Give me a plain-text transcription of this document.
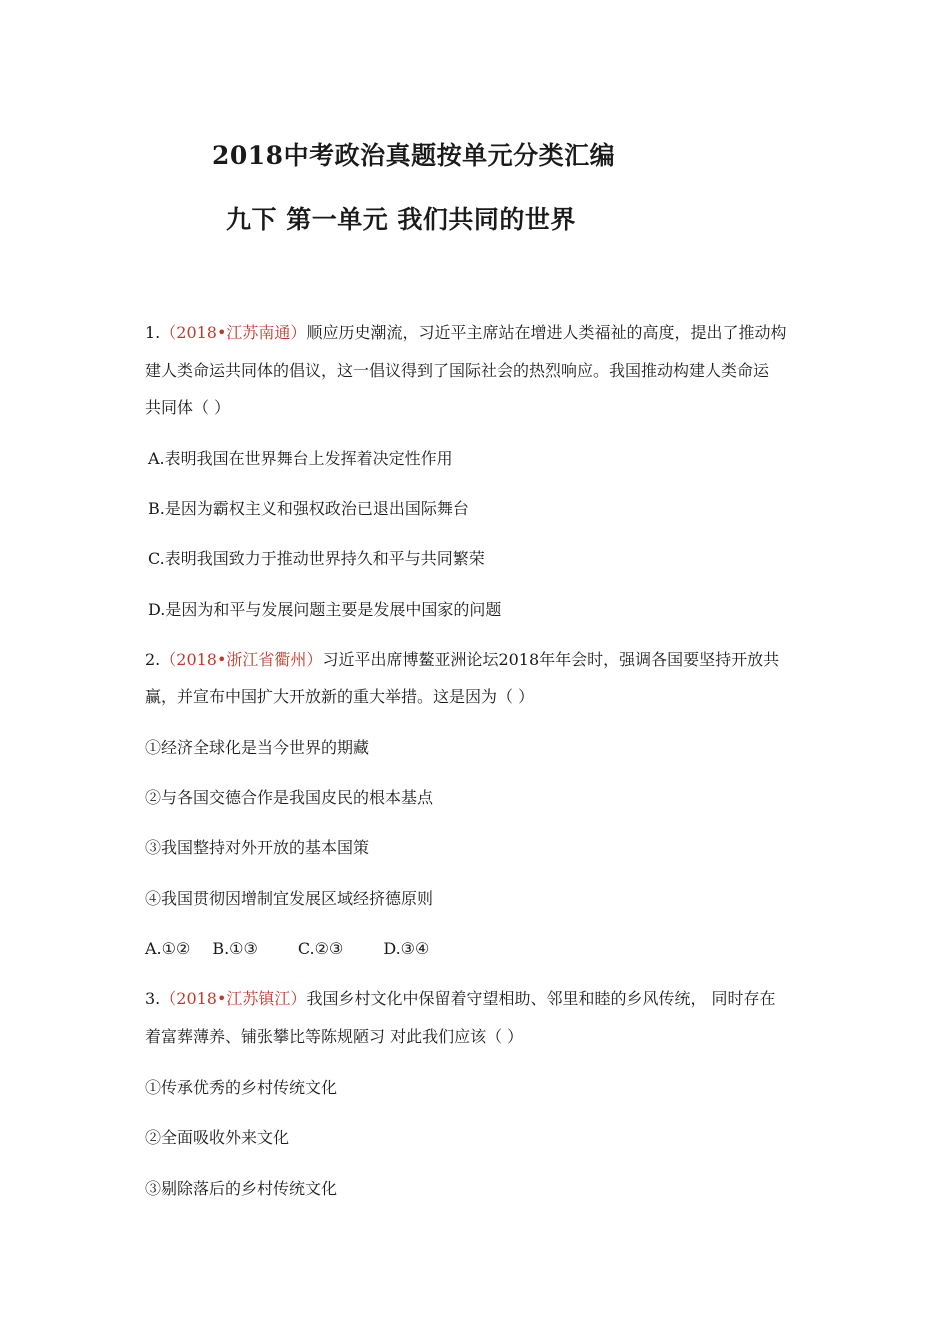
2018中考政治真题按单元分类汇编
九下 第一单元 我们共同的世界
1.（2018•江苏南通）顺应历史潮流，习近平主席站在增进人类福祉的高度，提出了推动构
建人类命运共同体的倡议，这一倡议得到了国际社会的热烈响应。我国推动构建人类命运
共同体（ ）
A.表明我国在世界舞台上发挥着决定性作用
B.是因为霸权主义和强权政治已退出国际舞台
C.表明我国致力于推动世界持久和平与共同繁荣
D.是因为和平与发展问题主要是发展中国家的问题
2.（2018•浙江省衢州）习近平出席博鳌亚洲论坛2018年年会时，强调各国要坚持开放共
赢，并宣布中国扩大开放新的重大举措。这是因为（ ）
①经济全球化是当今世界的期藏
②与各国交德合作是我国皮民的根本基点
③我国整持对外开放的基本国策
④我国贯彻因增制宜发展区域经挤德原则
A.①② B.①③	C.②③	D.③④
3.（2018•江苏镇江）我国乡村文化中保留着守望相助、邻里和睦的乡风传统， 同时存在
着富葬薄养、铺张攀比等陈规陋习 对此我们应该（ ）
①传承优秀的乡村传统文化
②全面吸收外来文化
③剔除落后的乡村传统文化
